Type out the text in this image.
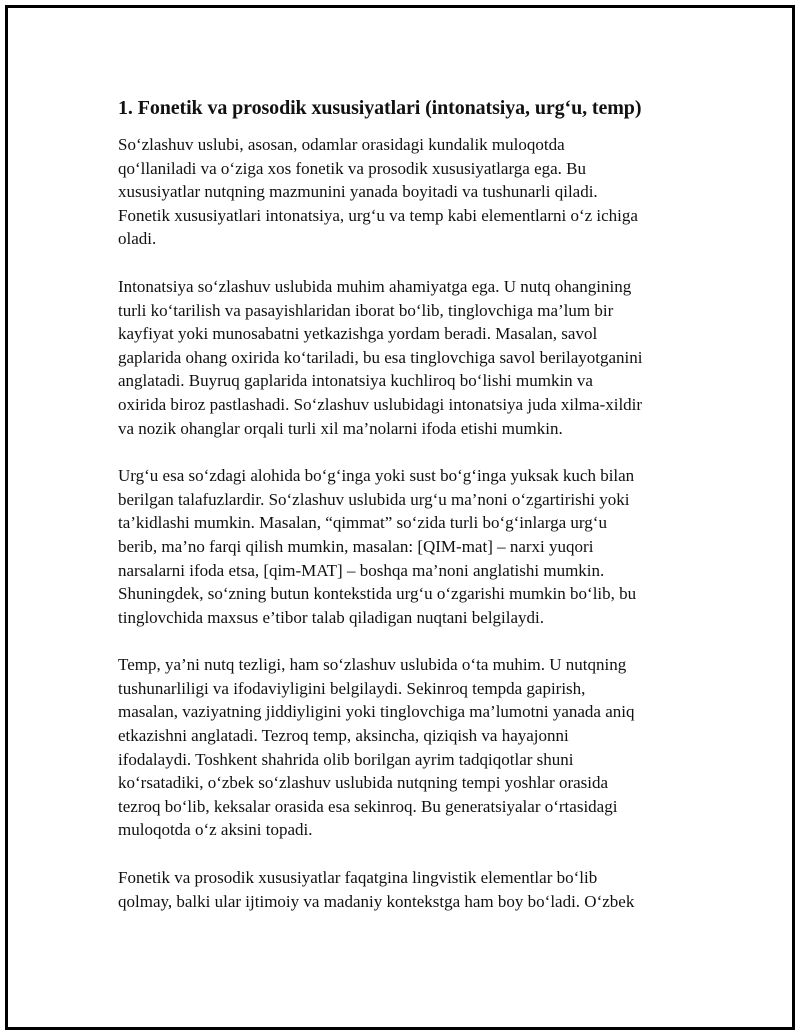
1. Fonetik va prosodik xususiyatlari (intonatsiya, urg‘u, temp)

So‘zlashuv uslubi, asosan, odamlar orasidagi kundalik muloqotda
qo‘llaniladi va o‘ziga xos fonetik va prosodik xususiyatlarga ega. Bu
xususiyatlar nutqning mazmunini yanada boyitadi va tushunarli qiladi.
Fonetik xususiyatlari intonatsiya, urg‘u va temp kabi elementlarni o‘z ichiga
oladi.

Intonatsiya so‘zlashuv uslubida muhim ahamiyatga ega. U nutq ohangining
turli ko‘tarilish va pasayishlaridan iborat bo‘lib, tinglovchiga ma’lum bir
kayfiyat yoki munosabatni yetkazishga yordam beradi. Masalan, savol
gaplarida ohang oxirida ko‘tariladi, bu esa tinglovchiga savol berilayotganini
anglatadi. Buyruq gaplarida intonatsiya kuchliroq bo‘lishi mumkin va
oxirida biroz pastlashadi. So‘zlashuv uslubidagi intonatsiya juda xilma-xildir
va nozik ohanglar orqali turli xil ma’nolarni ifoda etishi mumkin.

Urg‘u esa so‘zdagi alohida bo‘g‘inga yoki sust bo‘g‘inga yuksak kuch bilan
berilgan talafuzlardir. So‘zlashuv uslubida urg‘u ma’noni o‘zgartirishi yoki
ta’kidlashi mumkin. Masalan, “qimmat” so‘zida turli bo‘g‘inlarga urg‘u
berib, ma’no farqi qilish mumkin, masalan: [QIM-mat] – narxi yuqori
narsalarni ifoda etsa, [qim-MAT] – boshqa ma’noni anglatishi mumkin.
Shuningdek, so‘zning butun kontekstida urg‘u o‘zgarishi mumkin bo‘lib, bu
tinglovchida maxsus e’tibor talab qiladigan nuqtani belgilaydi.

Temp, ya’ni nutq tezligi, ham so‘zlashuv uslubida o‘ta muhim. U nutqning
tushunarliligi va ifodaviyligini belgilaydi. Sekinroq tempda gapirish,
masalan, vaziyatning jiddiyligini yoki tinglovchiga ma’lumotni yanada aniq
etkazishni anglatadi. Tezroq temp, aksincha, qiziqish va hayajonni
ifodalaydi. Toshkent shahrida olib borilgan ayrim tadqiqotlar shuni
ko‘rsatadiki, o‘zbek so‘zlashuv uslubida nutqning tempi yoshlar orasida
tezroq bo‘lib, keksalar orasida esa sekinroq. Bu generatsiyalar o‘rtasidagi
muloqotda o‘z aksini topadi.

Fonetik va prosodik xususiyatlar faqatgina lingvistik elementlar bo‘lib
qolmay, balki ular ijtimoiy va madaniy kontekstga ham boy bo‘ladi. O‘zbek
